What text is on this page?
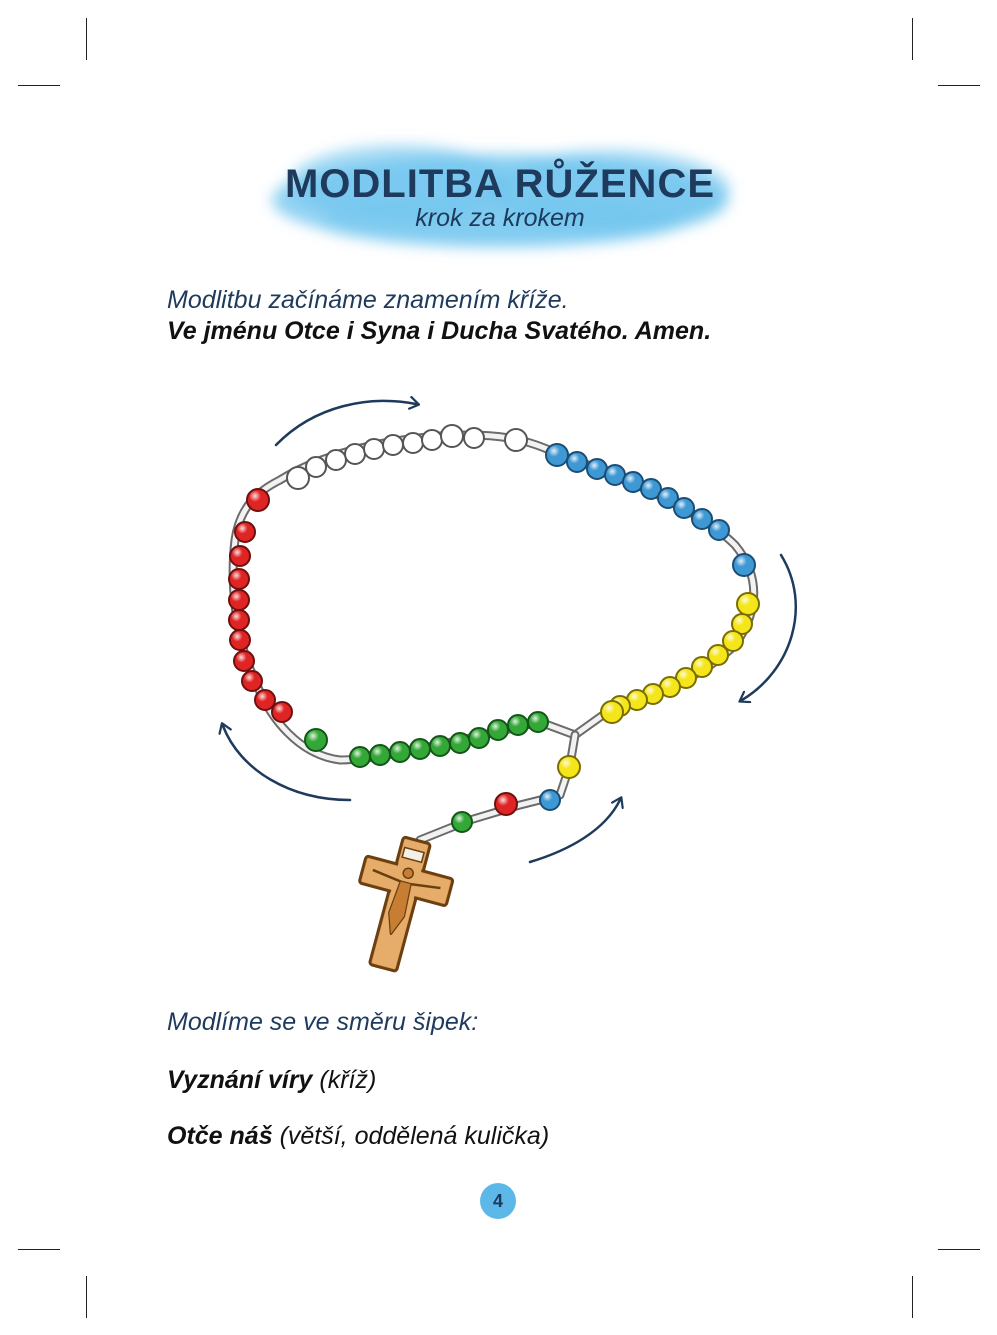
MODLITBA RŮŽENCE
krok za krokem
Modlitbu začínáme znamením kříže.
Ve jménu Otce i Syna i Ducha Svatého. Amen.
Modlíme se ve směru šipek:
Vyznání víry (kříž)
Otče náš (větší, oddělená kulička)
4
